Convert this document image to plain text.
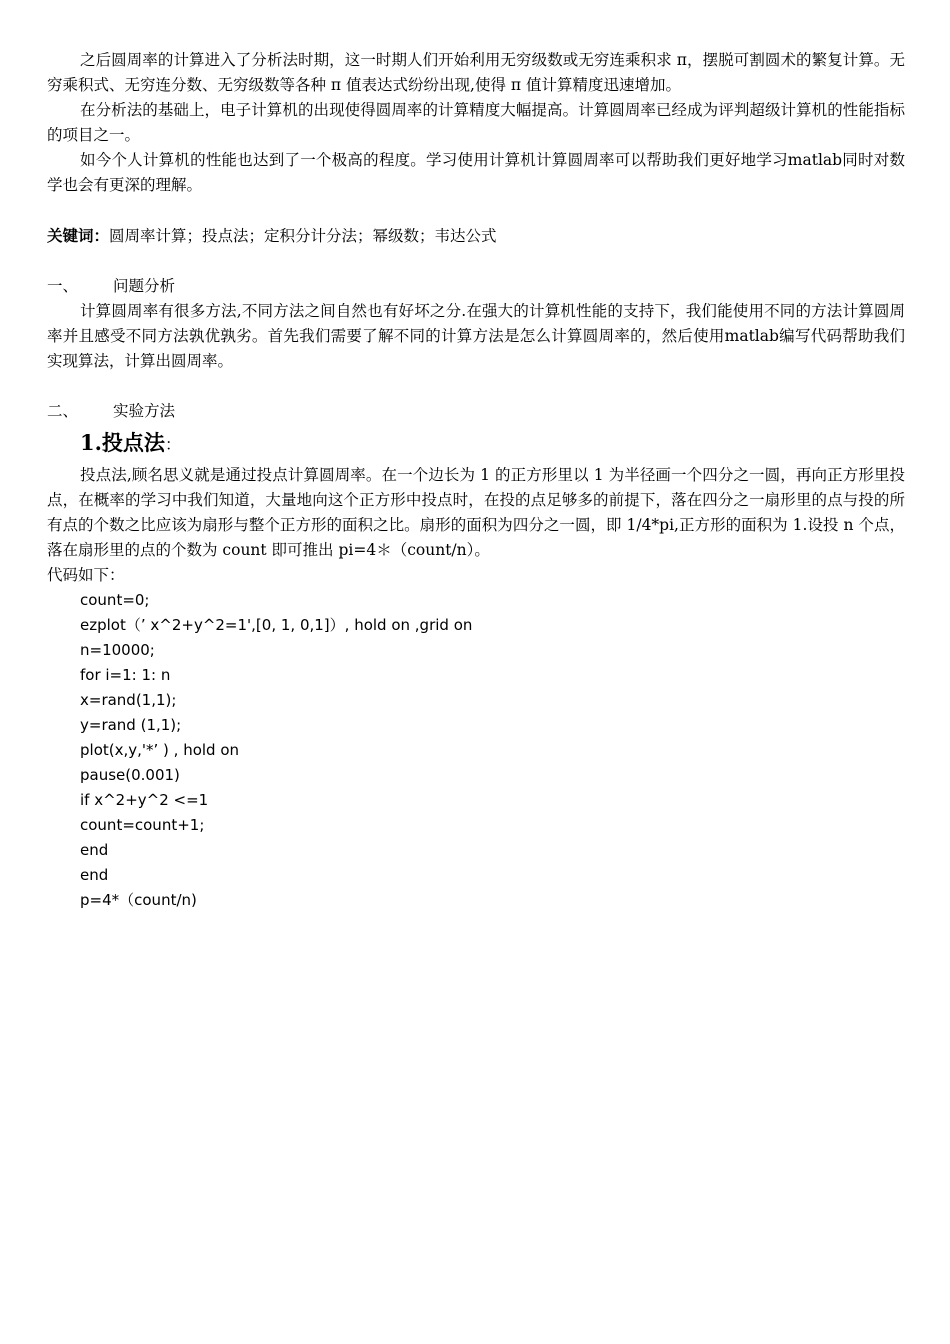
之后圆周率的计算进入了分析法时期，这一时期人们开始利用无穷级数或无穷连乘积求 π，摆脱可割圆术的繁复计算。无穷乘积式、无穷连分数、无穷级数等各种 π 值表达式纷纷出现,使得 π 值计算精度迅速增加。

在分析法的基础上，电子计算机的出现使得圆周率的计算精度大幅提高。计算圆周率已经成为评判超级计算机的性能指标的项目之一。

如今个人计算机的性能也达到了一个极高的程度。学习使用计算机计算圆周率可以帮助我们更好地学习matlab同时对数学也会有更深的理解。

关键词：圆周率计算；投点法；定积分计分法；幂级数；韦达公式

一、	问题分析

计算圆周率有很多方法,不同方法之间自然也有好坏之分.在强大的计算机性能的支持下，我们能使用不同的方法计算圆周率并且感受不同方法孰优孰劣。首先我们需要了解不同的计算方法是怎么计算圆周率的，然后使用matlab编写代码帮助我们实现算法，计算出圆周率。

二、	实验方法
1.投点法：

投点法,顾名思义就是通过投点计算圆周率。在一个边长为 1 的正方形里以 1 为半径画一个四分之一圆，再向正方形里投点，在概率的学习中我们知道，大量地向这个正方形中投点时，在投的点足够多的前提下，落在四分之一扇形里的点与投的所有点的个数之比应该为扇形与整个正方形的面积之比。扇形的面积为四分之一圆，即 1/4*pi,正方形的面积为 1.设投 n 个点，落在扇形里的点的个数为 count 即可推出 pi=4＊（count/n）。

代码如下：

count=0;
ezplot（’ x^2+y^2=1',[0, 1, 0,1]）, hold on ,grid on
n=10000;
for i=1: 1: n
x=rand(1,1);
y=rand (1,1);
plot(x,y,'*’ ) , hold on
pause(0.001)
if x^2+y^2 <=1
count=count+1;
end
end
p=4*（count/n)
